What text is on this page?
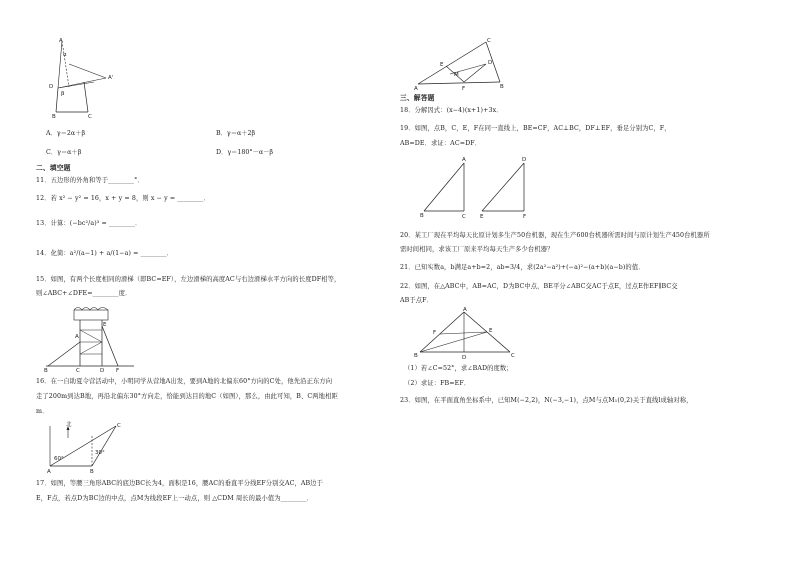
A
α
D
β
A'
B	C
A．γ＝2α＋β	B．γ＝α＋2β
C．γ＝α＋β	D．γ＝180°－α－β
二、填空题
11．五边形的外角和等于________°．
12．若 x² − y² = 16，x + y = 8，则 x − y = ________．
13．计算：(−bc²/a)³ = ________．
14．化简：a²/(a−1) + a/(1−a) = ________．
15．如图，有两个长度相同的滑梯（即BC=EF），左边滑梯的高度AC与右边滑梯水平方向的长度DF相等，
则∠ABC+∠DFE=________度．
A
C
B
E
D F
16．在一自助夏令营活动中，小明同学从营地A出发，要到A地的北偏东60°方向的C处，他先沿正东方向
走了200m到达B地，再沿北偏东30°方向走，恰能到达目的地C（如图），那么，由此可知，B、C两地相距
m．
北
60°
30°
A	B
C
17．如图，等腰三角形ABC的底边BC长为4，面积是16，腰AC的垂直平分线EF分别交AC，AB边于
E，F点，若点D为BC边的中点，点M为线段EF上一动点，则 △CDM 周长的最小值为________．
C
E	D
M
A	F	B
三、解答题
18．分解因式：(x−4)(x+1)+3x．
19．如图，点B，C，E，F在同一直线上，BE=CF，AC⊥BC，DF⊥EF，垂足分别为C，F，
AB=DE．求证：AC=DF．
A
B	C
D
E	F
20．某工厂现在平均每天比原计划多生产50台机器，现在生产600台机器所需时间与原计划生产450台机器所
需时间相同，求该工厂原来平均每天生产多少台机器？
21．已知实数a，b满足a+b=2，ab=3/4，求(2a²−a²)+(−a)²−(a+b)(a−b)的值．
22．如图，在△ABC中，AB=AC，D为BC中点，BE平分∠ABC交AC于点E，过点E作EF∥BC交
AB于点F．
A
F	E
B	D	C
（1）若∠C=52°，求∠BAD的度数；
（2）求证：FB=EF．
23．如图，在平面直角坐标系中，已知M(−2,2)，N(−3,−1)，点M与点M₁(0,2)关于直线l成轴对称，
